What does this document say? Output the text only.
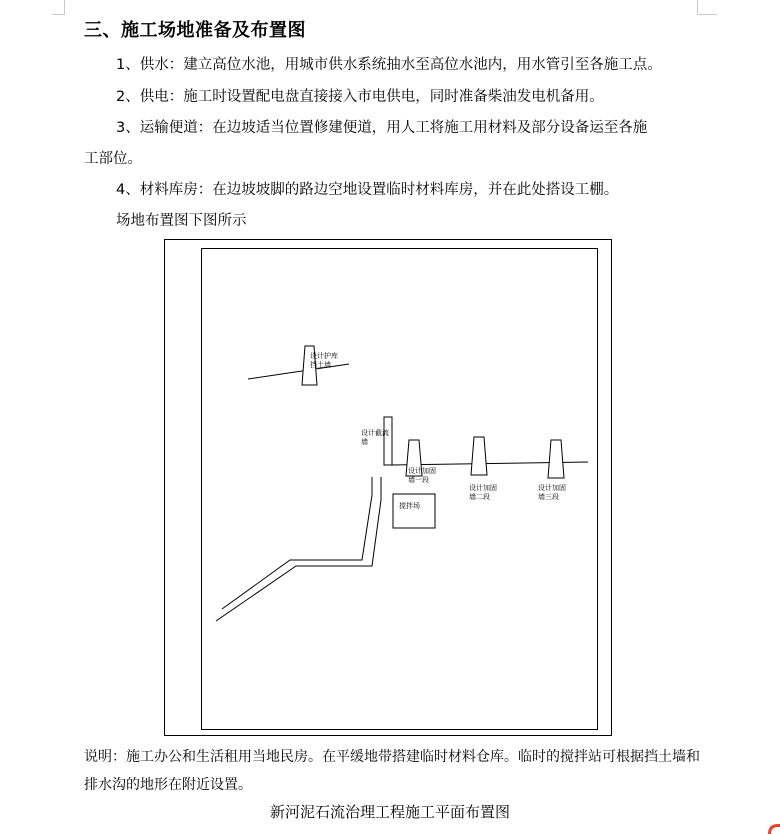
三、施工场地准备及布置图
1、供水：建立高位水池，用城市供水系统抽水至高位水池内，用水管引至各施工点。
2、供电：施工时设置配电盘直接接入市电供电，同时准备柴油发电机备用。
3、运输便道：在边坡适当位置修建便道，用人工将施工用材料及部分设备运至各施
工部位。
4、材料库房：在边坡坡脚的路边空地设置临时材料库房，并在此处搭设工棚。
场地布置图下图所示
设计护库
挡土墙
设计截流
墙
设计加固
墙一段
设计加固
墙二段
设计加固
墙三段
搅拌场
说明：施工办公和生活租用当地民房。在平缓地带搭建临时材料仓库。临时的搅拌站可根据挡土墙和
排水沟的地形在附近设置。
新河泥石流治理工程施工平面布置图
